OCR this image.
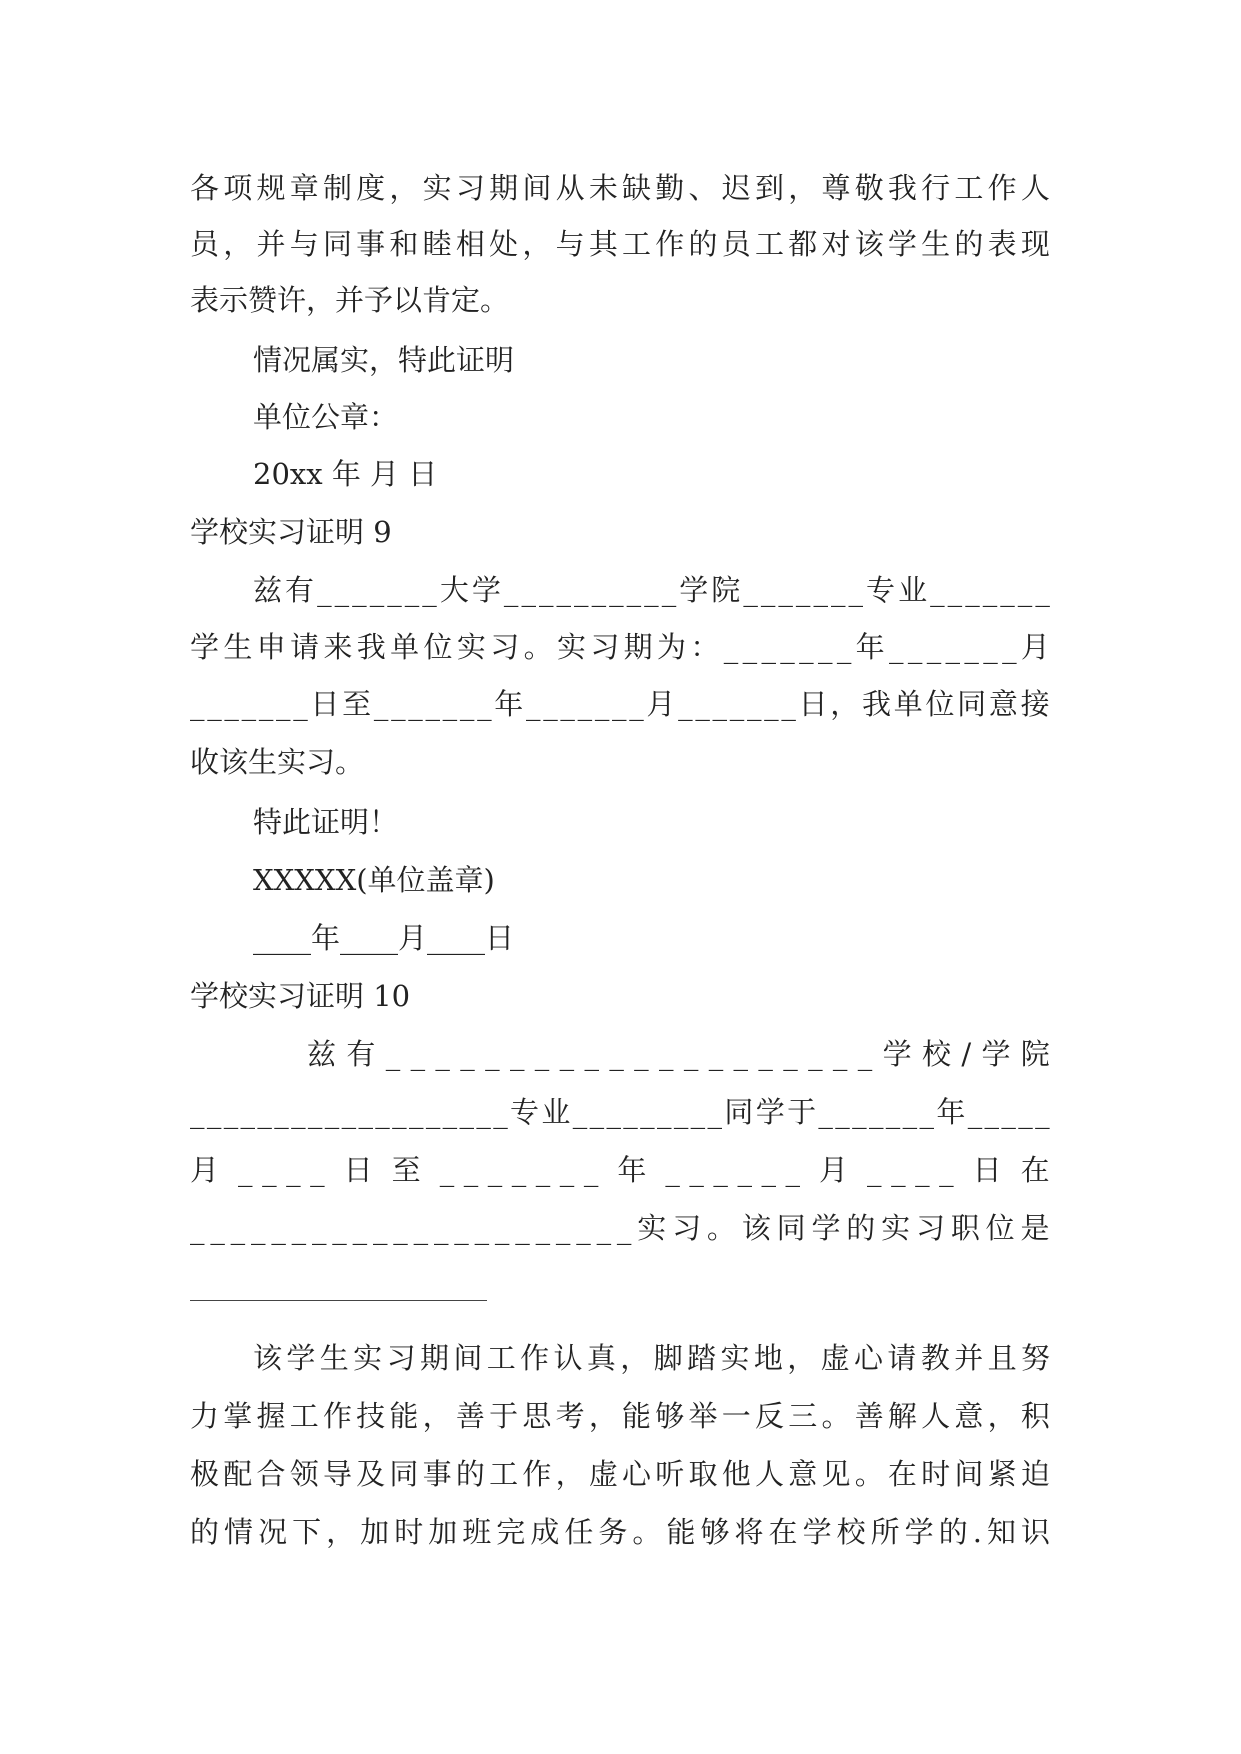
各 项 规 章 制 度 ， 实 习 期 间 从 未 缺 勤 、 迟 到 ， 尊 敬 我 行 工 作 人
员 ， 并 与 同 事 和 睦 相 处 ， 与 其 工 作 的 员 工 都 对 该 学 生 的 表 现
表示赞许，并予以肯定。
情况属实，特此证明
单位公章：
20xx 年 月 日
学校实习证明 9
兹 有 _ _ _ _ _ _ _ 大 学 _ _ _ _ _ _ _ _ _ _ 学 院 _ _ _ _ _ _ _ 专 业 _ _ _ _ _ _ _
学 生 申 请 来 我 单 位 实 习 。 实 习 期 为 ： _ _ _ _ _ _ _ 年 _ _ _ _ _ _ _ 月
_ _ _ _ _ _ _ 日 至 _ _ _ _ _ _ _ 年 _ _ _ _ _ _ _ 月 _ _ _ _ _ _ _ 日 ， 我 单 位 同 意 接
收该生实习。
特此证明！
XXXXX(单位盖章)
____年____月____日
学校实习证明 10
兹 有 _ _ _ _ _ _ _ _ _ _ _ _ _ _ _ _ _ _ _ _ 学 校 / 学 院
_ _ _ _ _ _ _ _ _ _ _ _ _ _ _ _ _ _ _ 专 业 _ _ _ _ _ _ _ _ _ 同 学 于 _ _ _ _ _ _ _ 年 _ _ _ _ _
月 _ _ _ _ 日 至 _ _ _ _ _ _ _ 年 _ _ _ _ _ _ 月 _ _ _ _ 日 在
_ _ _ _ _ _ _ _ _ _ _ _ _ _ _ _ _ _ _ _ _ _ 实 习 。 该 同 学 的 实 习 职 位 是
该 学 生 实 习 期 间 工 作 认 真 ， 脚 踏 实 地 ， 虚 心 请 教 并 且 努
力 掌 握 工 作 技 能 ， 善 于 思 考 ， 能 够 举 一 反 三 。 善 解 人 意 ， 积
极 配 合 领 导 及 同 事 的 工 作 ， 虚 心 听 取 他 人 意 见 。 在 时 间 紧 迫
的 情 况 下 ， 加 时 加 班 完 成 任 务 。 能 够 将 在 学 校 所 学 的 . 知 识
